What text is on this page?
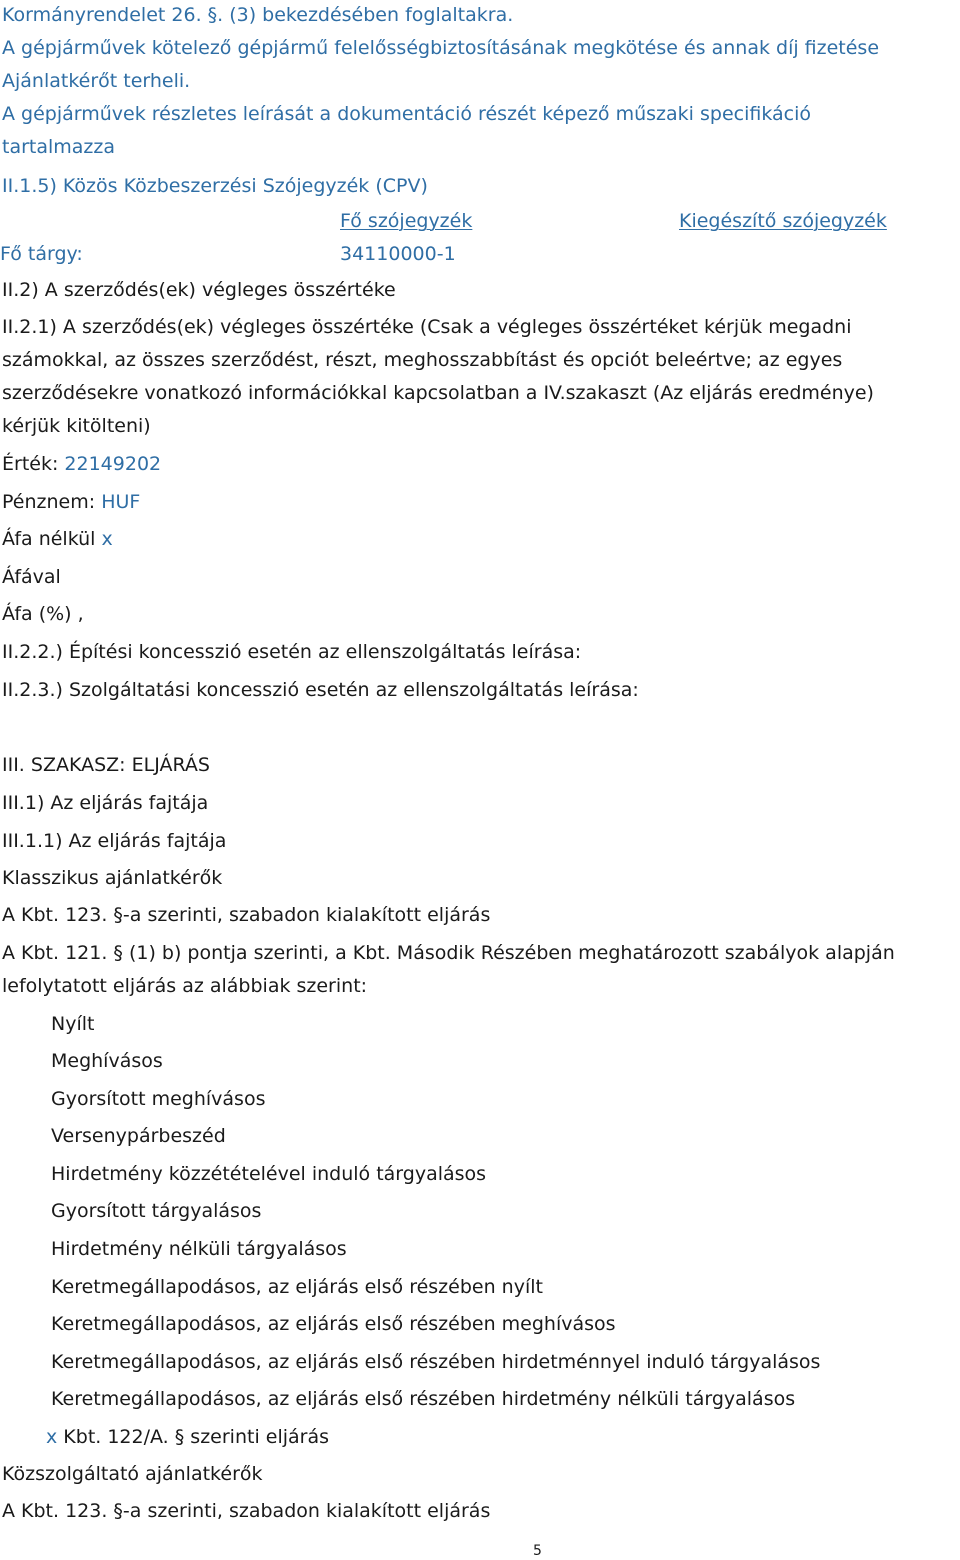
Kormányrendelet 26. §. (3) bekezdésében foglaltakra.
A gépjárművek kötelező gépjármű felelősségbiztosításának megkötése és annak díj fizetése
Ajánlatkérőt terheli.
A gépjárművek részletes leírását a dokumentáció részét képező műszaki specifikáció
tartalmazza
II.1.5) Közös Közbeszerzési Szójegyzék (CPV)
Fő szójegyzék	Kiegészítő szójegyzék
Fő tárgy:	34110000-1
II.2) A szerződés(ek) végleges összértéke
II.2.1) A szerződés(ek) végleges összértéke (Csak a végleges összértéket kérjük megadni
számokkal, az összes szerződést, részt, meghosszabbítást és opciót beleértve; az egyes
szerződésekre vonatkozó információkkal kapcsolatban a IV.szakaszt (Az eljárás eredménye)
kérjük kitölteni)
Érték: 22149202
Pénznem: HUF
Áfa nélkül x
Áfával
Áfa (%) ,
II.2.2.) Építési koncesszió esetén az ellenszolgáltatás leírása:
II.2.3.) Szolgáltatási koncesszió esetén az ellenszolgáltatás leírása:
III. SZAKASZ: ELJÁRÁS
III.1) Az eljárás fajtája
III.1.1) Az eljárás fajtája
Klasszikus ajánlatkérők
A Kbt. 123. §-a szerinti, szabadon kialakított eljárás
A Kbt. 121. § (1) b) pontja szerinti, a Kbt. Második Részében meghatározott szabályok alapján
lefolytatott eljárás az alábbiak szerint:
Nyílt
Meghívásos
Gyorsított meghívásos
Versenypárbeszéd
Hirdetmény közzétételével induló tárgyalásos
Gyorsított tárgyalásos
Hirdetmény nélküli tárgyalásos
Keretmegállapodásos, az eljárás első részében nyílt
Keretmegállapodásos, az eljárás első részében meghívásos
Keretmegállapodásos, az eljárás első részében hirdetménnyel induló tárgyalásos
Keretmegállapodásos, az eljárás első részében hirdetmény nélküli tárgyalásos
x Kbt. 122/A. § szerinti eljárás
Közszolgáltató ajánlatkérők
A Kbt. 123. §-a szerinti, szabadon kialakított eljárás
5
